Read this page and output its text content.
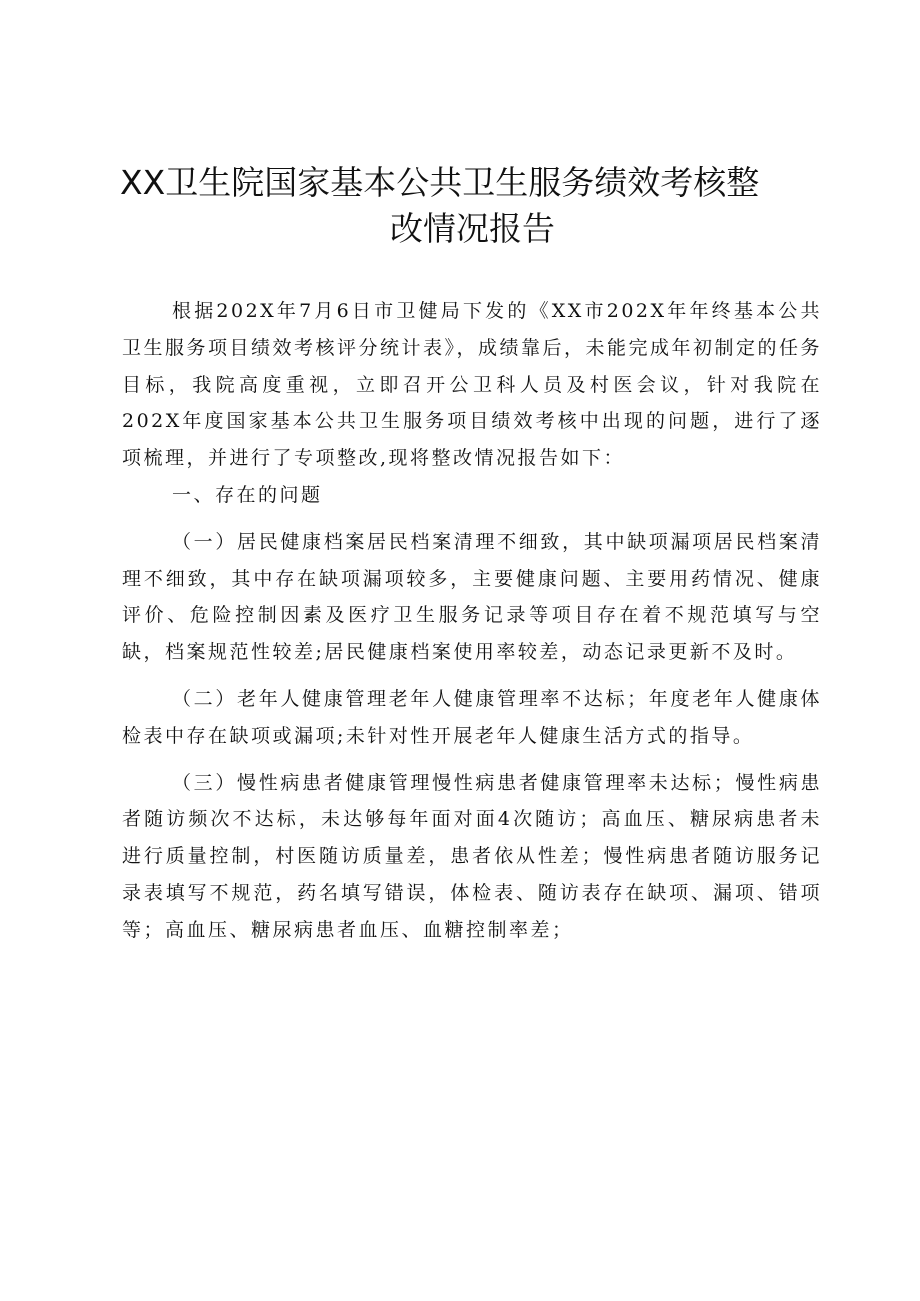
XX卫生院国家基本公共卫生服务绩效考核整
改情况报告

根据202X年7月6日市卫健局下发的《XX市202X年年终基本公共卫生服务项目绩效考核评分统计表》，成绩靠后，未能完成年初制定的任务目标，我院高度重视，立即召开公卫科人员及村医会议，针对我院在202X年度国家基本公共卫生服务项目绩效考核中出现的问题，进行了逐项梳理，并进行了专项整改,现将整改情况报告如下：

一、存在的问题

（一）居民健康档案居民档案清理不细致，其中缺项漏项居民档案清理不细致，其中存在缺项漏项较多，主要健康问题、主要用药情况、健康评价、危险控制因素及医疗卫生服务记录等项目存在着不规范填写与空缺，档案规范性较差;居民健康档案使用率较差，动态记录更新不及时。

（二）老年人健康管理老年人健康管理率不达标；年度老年人健康体检表中存在缺项或漏项;未针对性开展老年人健康生活方式的指导。

（三）慢性病患者健康管理慢性病患者健康管理率未达标；慢性病患者随访频次不达标，未达够每年面对面4次随访；高血压、糖尿病患者未进行质量控制，村医随访质量差，患者依从性差；慢性病患者随访服务记录表填写不规范，药名填写错误，体检表、随访表存在缺项、漏项、错项等；高血压、糖尿病患者血压、血糖控制率差；
